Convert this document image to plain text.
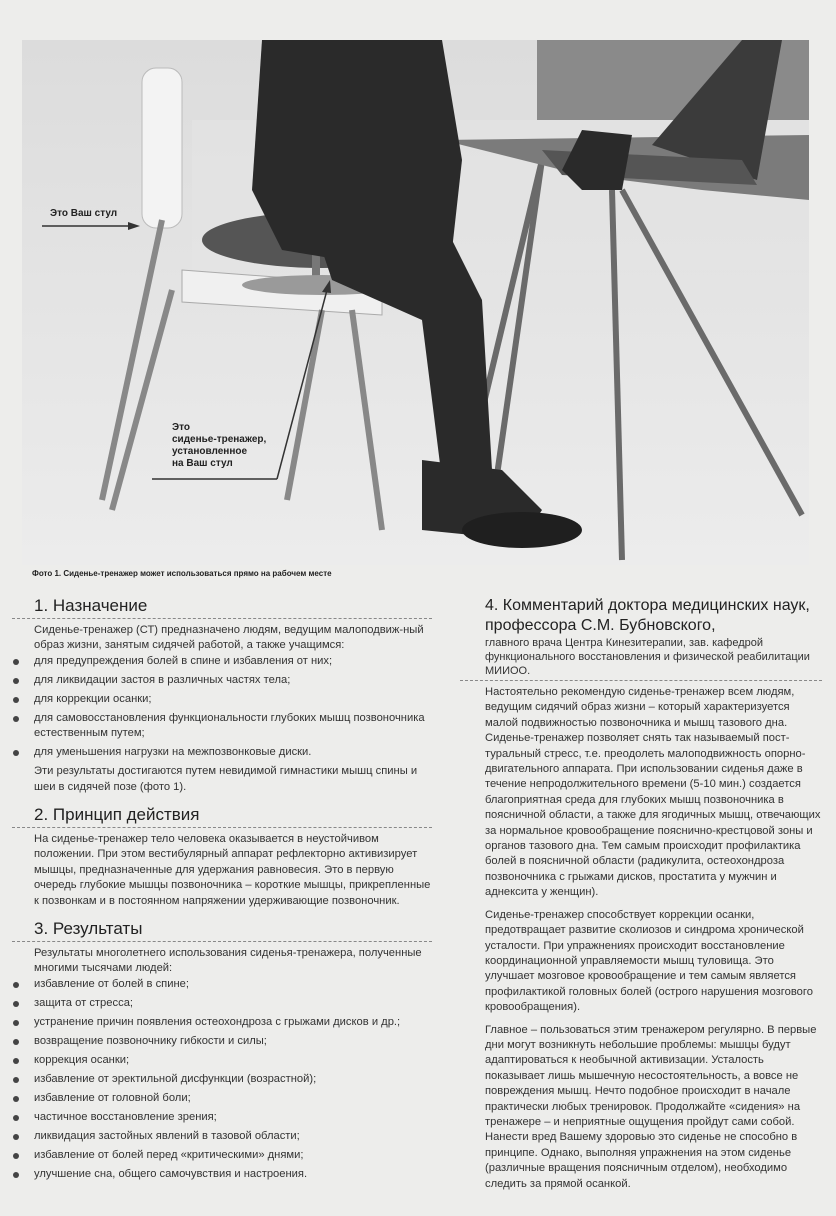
Это Ваш стул
Это
сиденье-тренажер,
установленное
на Ваш стул
Фото 1. Сиденье-тренажер может использоваться прямо на рабочем месте
1. Назначение

Сиденье-тренажер (СТ) предназначено людям, ведущим малоподвиж-ный образ жизни, занятым сидячей работой, а также учащимся:

для предупреждения болей в спине и избавления от них;
для ликвидации застоя в различных частях тела;
для коррекции осанки;
для самовосстановления функциональности глубоких мышц позвоночника естественным путем;
для уменьшения нагрузки на межпозвонковые диски.

Эти результаты достигаются путем невидимой гимнастики мышц спины и шеи в сидячей позе (фото 1).

2. Принцип действия

На сиденье-тренажер тело человека оказывается в неустойчивом положении. При этом вестибулярный аппарат рефлекторно активизирует мышцы, предназначенные для удержания равновесия. Это в первую очередь глубокие мышцы позвоночника – короткие мышцы, прикрепленные к позвонкам и в постоянном напряжении удерживающие позвоночник.

3. Результаты

Результаты многолетнего использования сиденья-тренажера, полученные многими тысячами людей:

избавление от болей в спине;
защита от стресса;
устранение причин появления остеохондроза с грыжами дисков и др.;
возвращение позвоночнику гибкости и силы;
коррекция осанки;
избавление от эректильной дисфункции (возрастной);
избавление от головной боли;
частичное восстановление зрения;
ликвидация застойных явлений в тазовой области;
избавление от болей перед «критическими» днями;
улучшение сна, общего самочувствия и настроения.
4. Комментарий доктора медицинских наук, профессора С.М. Бубновского,

главного врача Центра Кинезитерапии, зав. кафедрой функционального восстановления и физической реабилитации МИИОО.

Настоятельно рекомендую сиденье-тренажер всем людям, ведущим сидячий образ жизни – который характеризуется малой подвижностью позвоночника и мышц тазового дна. Сиденье-тренажер позволяет снять так называемый пост-туральный стресс, т.е. преодолеть малоподвижность опорно-двигательного аппарата. При использовании сиденья даже в течение непродолжительного времени (5-10 мин.) создается благоприятная среда для глубоких мышц позвоночника в поясничной области, а также для ягодичных мышц, отвечающих за нормальное кровообращение пояснично-крестцовой зоны и органов тазового дна. Тем самым происходит профилактика болей в поясничной области (радикулита, остеохондроза позвоночника с грыжами дисков, простатита у мужчин и аднексита у женщин).

Сиденье-тренажер способствует коррекции осанки, предотвращает развитие сколиозов и синдрома хронической усталости. При упражнениях происходит восстановление координационной управляемости мышц туловища. Это улучшает мозговое кровообращение и тем самым является профилактикой головных болей (острого нарушения мозгового кровообращения).

Главное – пользоваться этим тренажером регулярно. В первые дни могут возникнуть небольшие проблемы: мышцы будут адаптироваться к необычной активизации. Усталость показывает лишь мышечную несостоятельность, а вовсе не повреждения мышц. Нечто подобное происходит в начале практически любых тренировок. Продолжайте «сидения» на тренажере – и неприятные ощущения пройдут сами собой. Нанести вред Вашему здоровью это сиденье не способно в принципе. Однако, выполняя упражнения на этом сиденье (различные вращения поясничным отделом), необходимо следить за прямой осанкой.
